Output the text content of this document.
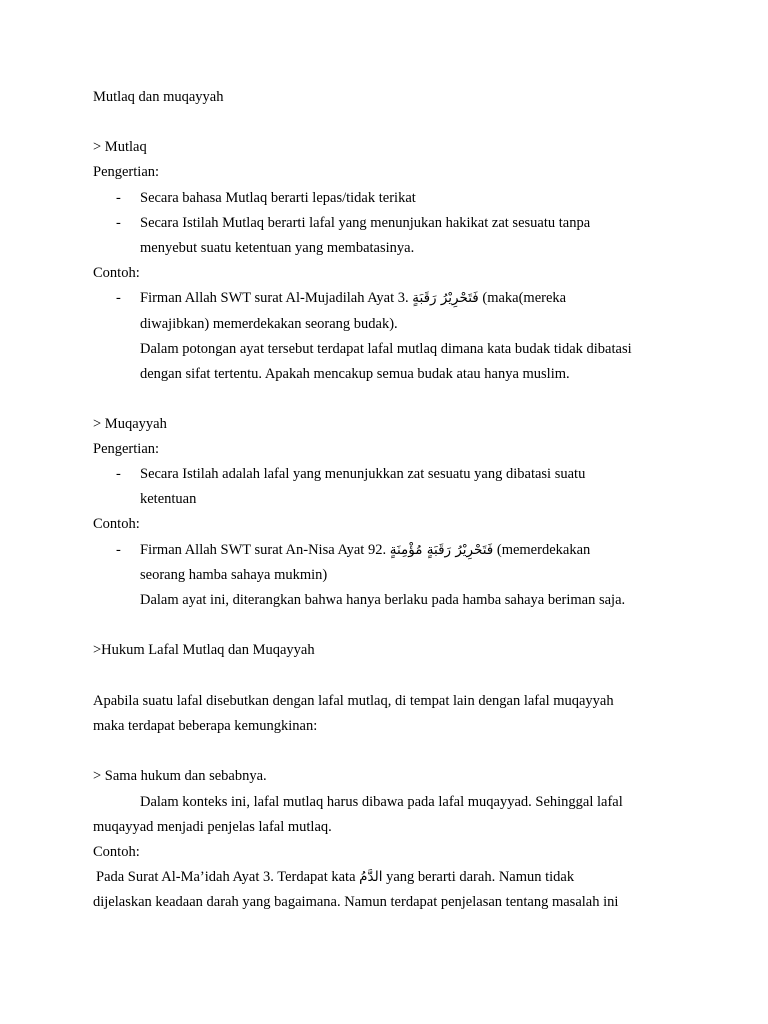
Mutlaq dan muqayyah
> Mutlaq
Pengertian:
- Secara bahasa Mutlaq berarti lepas/tidak terikat
- Secara Istilah Mutlaq berarti lafal yang menunjukan hakikat zat sesuatu tanpa
menyebut suatu ketentuan yang membatasinya.
Contoh:
- Firman Allah SWT surat Al-Mujadilah Ayat 3. فَتَحْرِيْرُ رَقَبَةٍ (maka(mereka
diwajibkan) memerdekakan seorang budak).
Dalam potongan ayat tersebut terdapat lafal mutlaq dimana kata budak tidak dibatasi
dengan sifat tertentu. Apakah mencakup semua budak atau hanya muslim.
> Muqayyah
Pengertian:
- Secara Istilah adalah lafal yang menunjukkan zat sesuatu yang dibatasi suatu
ketentuan
Contoh:
- Firman Allah SWT surat An-Nisa Ayat 92. فَتَحْرِيْرُ رَقَبَةٍ مُؤْمِنَةٍ (memerdekakan
seorang hamba sahaya mukmin)
Dalam ayat ini, diterangkan bahwa hanya berlaku pada hamba sahaya beriman saja.
>Hukum Lafal Mutlaq dan Muqayyah
Apabila suatu lafal disebutkan dengan lafal mutlaq, di tempat lain dengan lafal muqayyah
maka terdapat beberapa kemungkinan:
> Sama hukum dan sebabnya.
Dalam konteks ini, lafal mutlaq harus dibawa pada lafal muqayyad. Sehinggal lafal
muqayyad menjadi penjelas lafal mutlaq.
Contoh:
Pada Surat Al-Ma’idah Ayat 3. Terdapat kata الدَّمُ yang berarti darah. Namun tidak
dijelaskan keadaan darah yang bagaimana. Namun terdapat penjelasan tentang masalah ini
